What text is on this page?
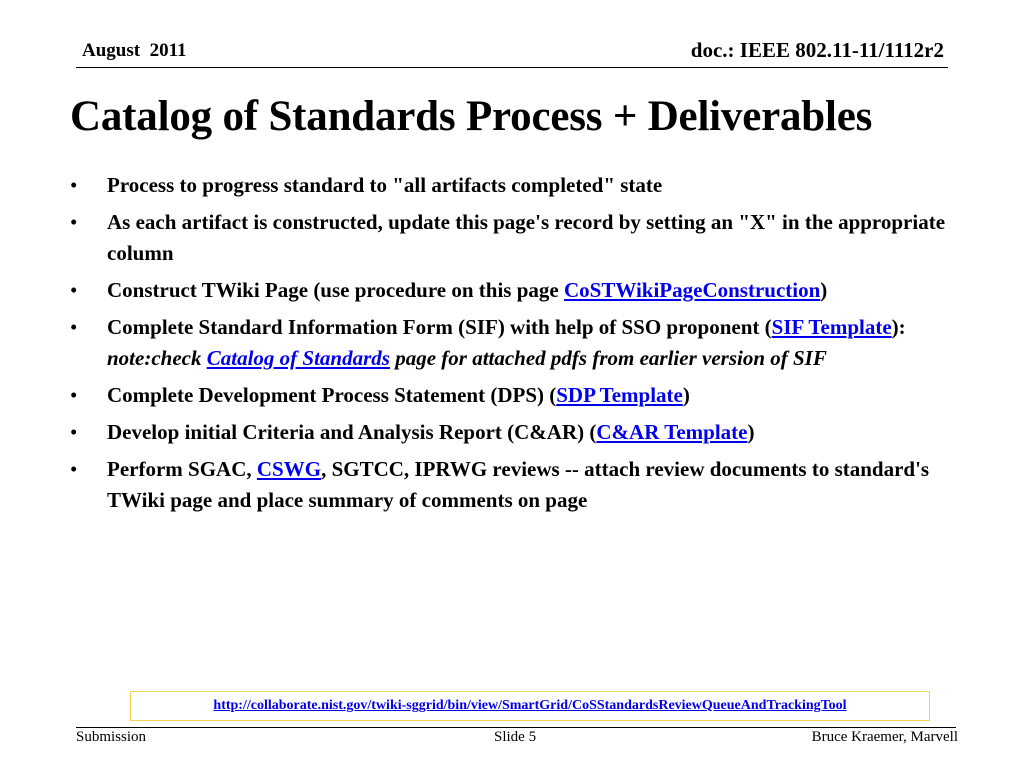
August  2011	doc.: IEEE 802.11-11/1112r2
Catalog of Standards Process + Deliverables
• Process to progress standard to "all artifacts completed" state
• As each artifact is constructed, update this page's record by setting an "X" in the appropriate column
• Construct TWiki Page (use procedure on this page CoSTWikiPageConstruction)
• Complete Standard Information Form (SIF) with help of SSO proponent (SIF Template): note:check Catalog of Standards page for attached pdfs from earlier version of SIF
• Complete Development Process Statement (DPS) (SDP Template)
• Develop initial Criteria and Analysis Report (C&AR) (C&AR Template)
• Perform SGAC, CSWG, SGTCC, IPRWG reviews -- attach review documents to standard's TWiki page and place summary of comments on page
http://collaborate.nist.gov/twiki-sggrid/bin/view/SmartGrid/CoSStandardsReviewQueueAndTrackingTool
Submission	Slide 5	Bruce Kraemer, Marvell
